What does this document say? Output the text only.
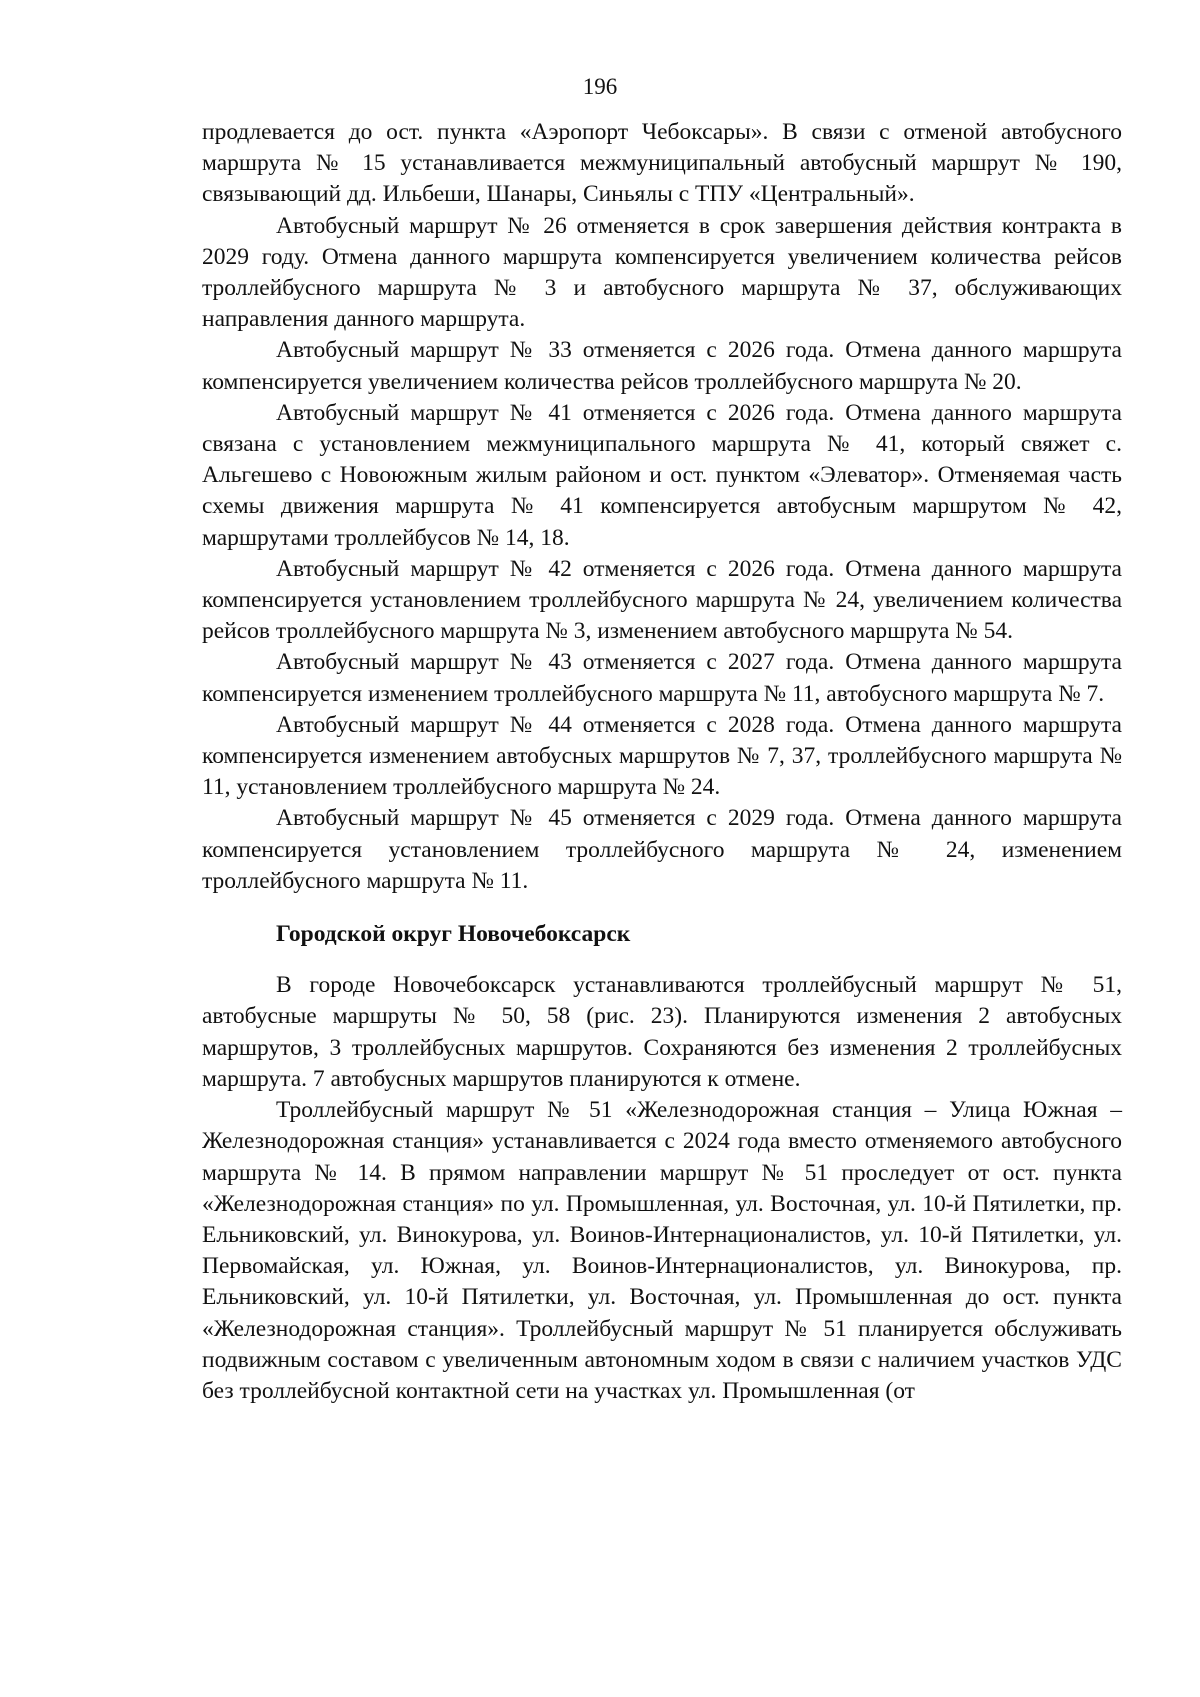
196

продлевается до ост. пункта «Аэропорт Чебоксары». В связи с отменой автобусного маршрута № 15 устанавливается межмуниципальный автобусный маршрут № 190, связывающий дд. Ильбеши, Шанары, Синьялы с ТПУ «Центральный».

Автобусный маршрут № 26 отменяется в срок завершения действия контракта в 2029 году. Отмена данного маршрута компенсируется увеличением количества рейсов троллейбусного маршрута № 3 и автобусного маршрута № 37, обслуживающих направления данного маршрута.

Автобусный маршрут № 33 отменяется с 2026 года. Отмена данного маршрута компенсируется увеличением количества рейсов троллейбусного маршрута № 20.

Автобусный маршрут № 41 отменяется с 2026 года. Отмена данного маршрута связана с установлением межмуниципального маршрута № 41, который свяжет с. Альгешево с Новоюжным жилым районом и ост. пунктом «Элеватор». Отменяемая часть схемы движения маршрута № 41 компенсируется автобусным маршрутом № 42, маршрутами троллейбусов № 14, 18.

Автобусный маршрут № 42 отменяется с 2026 года. Отмена данного маршрута компенсируется установлением троллейбусного маршрута № 24, увеличением количества рейсов троллейбусного маршрута № 3, изменением автобусного маршрута № 54.

Автобусный маршрут № 43 отменяется с 2027 года. Отмена данного маршрута компенсируется изменением троллейбусного маршрута № 11, автобусного маршрута № 7.

Автобусный маршрут № 44 отменяется с 2028 года. Отмена данного маршрута компенсируется изменением автобусных маршрутов № 7, 37, троллейбусного маршрута № 11, установлением троллейбусного маршрута № 24.

Автобусный маршрут № 45 отменяется с 2029 года. Отмена данного маршрута компенсируется установлением троллейбусного маршрута № 24, изменением троллейбусного маршрута № 11.

Городской округ Новочебоксарск

В городе Новочебоксарск устанавливаются троллейбусный маршрут № 51, автобусные маршруты № 50, 58 (рис. 23). Планируются изменения 2 автобусных маршрутов, 3 троллейбусных маршрутов. Сохраняются без изменения 2 троллейбусных маршрута. 7 автобусных маршрутов планируются к отмене.

Троллейбусный маршрут № 51 «Железнодорожная станция – Улица Южная – Железнодорожная станция» устанавливается с 2024 года вместо отменяемого автобусного маршрута № 14. В прямом направлении маршрут № 51 проследует от ост. пункта «Железнодорожная станция» по ул. Промышленная, ул. Восточная, ул. 10-й Пятилетки, пр. Ельниковский, ул. Винокурова, ул. Воинов-Интернационалистов, ул. 10-й Пятилетки, ул. Первомайская, ул. Южная, ул. Воинов-Интернационалистов, ул. Винокурова, пр. Ельниковский, ул. 10-й Пятилетки, ул. Восточная, ул. Промышленная до ост. пункта «Железнодорожная станция». Троллейбусный маршрут № 51 планируется обслуживать подвижным составом с увеличенным автономным ходом в связи с наличием участков УДС без троллейбусной контактной сети на участках ул. Промышленная (от
